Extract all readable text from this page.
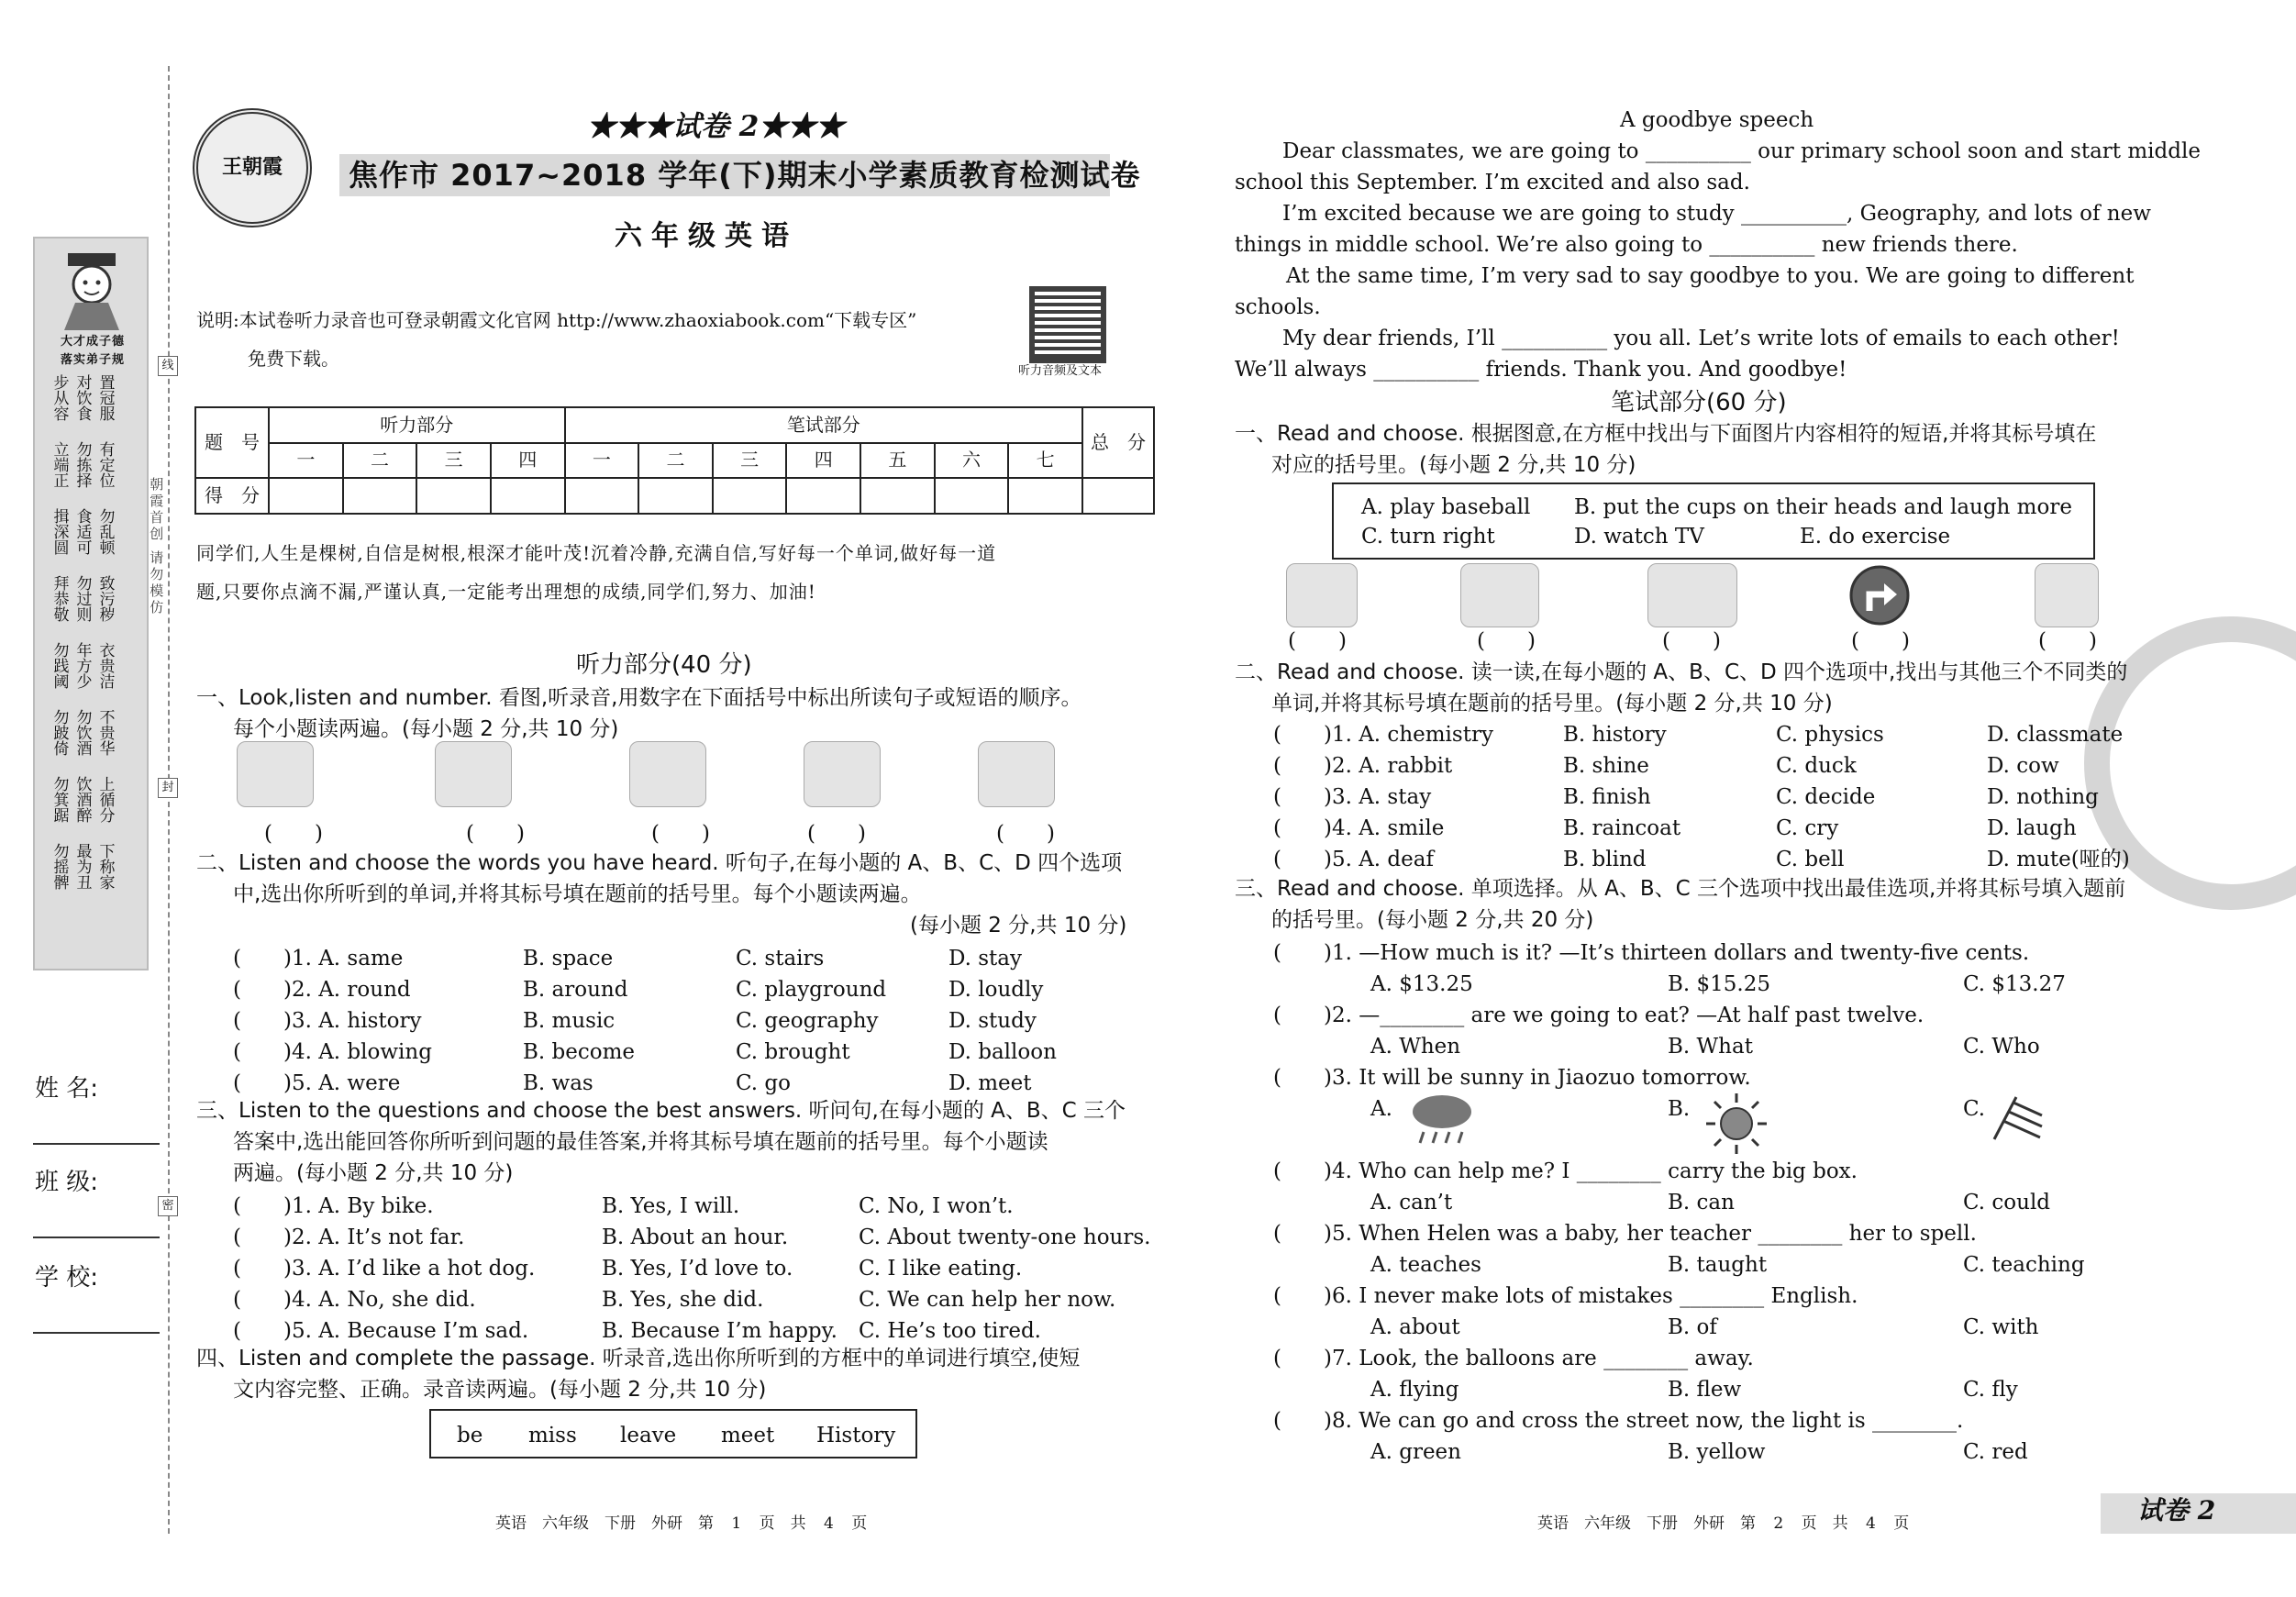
大才成子德
落实弟子规
步从容 对饮食 置冠服
立端正 勿拣择 有定位
揖深圆 食适可 勿乱顿
拜恭敬 勿过则 致污秽
勿践阈 年方少 衣贵洁
勿跛倚 勿饮酒 不贵华
勿箕踞 饮酒醉 上循分
勿摇髀 最为丑 下称家
朝霞首创 请勿模仿
线
封
密
姓 名:
班 级:
学 校:
王朝霞
★★★试卷 2★★★
焦作市 2017~2018 学年(下)期末小学素质教育检测试卷
六年级英语
说明:本试卷听力录音也可登录朝霞文化官网 http://www.zhaoxiabook.com“下载专区”
免费下载。
听力音频及文本
题　号	听力部分				笔试部分							总　分
	一	二	三	四	一	二	三	四	五	六	七	
得　分												
同学们,人生是棵树,自信是树根,根深才能叶茂!沉着冷静,充满自信,写好每一个单词,做好每一道
题,只要你点滴不漏,严谨认真,一定能考出理想的成绩,同学们,努力、加油!
听力部分(40 分)
一、Look,listen and number. 看图,听录音,用数字在下面括号中标出所读句子或短语的顺序。
每个小题读两遍。(每小题 2 分,共 10 分)
(　　)	(　　)	(　　)	(　　)	(　　)
二、Listen and choose the words you have heard. 听句子,在每小题的 A、B、C、D 四个选项
中,选出你所听到的单词,并将其标号填在题前的括号里。每个小题读两遍。
(每小题 2 分,共 10 分)
(　　)1. A. same	B. space	C. stairs	D. stay
(　　)2. A. round	B. around	C. playground	D. loudly
(　　)3. A. history	B. music	C. geography	D. study
(　　)4. A. blowing	B. become	C. brought	D. balloon
(　　)5. A. were	B. was	C. go	D. meet
三、Listen to the questions and choose the best answers. 听问句,在每小题的 A、B、C 三个
答案中,选出能回答你所听到问题的最佳答案,并将其标号填在题前的括号里。每个小题读
两遍。(每小题 2 分,共 10 分)
(　　)1. A. By bike.	B. Yes, I will.	C. No, I won’t.
(　　)2. A. It’s not far.	B. About an hour.	C. About twenty-one hours.
(　　)3. A. I’d like a hot dog.	B. Yes, I’d love to.	C. I like eating.
(　　)4. A. No, she did.	B. Yes, she did.	C. We can help her now.
(　　)5. A. Because I’m sad.	B. Because I’m happy. C. He’s too tired.
四、Listen and complete the passage. 听录音,选出你所听到的方框中的单词进行填空,使短
文内容完整、正确。录音读两遍。(每小题 2 分,共 10 分)
be miss leave meet History
英语　六年级　下册　外研　第 1 页　共 4 页
A goodbye speech
Dear classmates, we are going to __________ our primary school soon and start middle
school this September. I’m excited and also sad.
I’m excited because we are going to study __________, Geography, and lots of new
things in middle school. We’re also going to __________ new friends there.
At the same time, I’m very sad to say goodbye to you. We are going to different
schools.
My dear friends, I’ll __________ you all. Let’s write lots of emails to each other!
We’ll always __________ friends. Thank you. And goodbye!
笔试部分(60 分)
一、Read and choose. 根据图意,在方框中找出与下面图片内容相符的短语,并将其标号填在
对应的括号里。(每小题 2 分,共 10 分)
A. play baseball B. put the cups on their heads and laugh more
C. turn right	D. watch TV	E. do exercise
(　　)	(　　)	(　　)	(　　)	(　　)
二、Read and choose. 读一读,在每小题的 A、B、C、D 四个选项中,找出与其他三个不同类的
单词,并将其标号填在题前的括号里。(每小题 2 分,共 10 分)
(　　)1. A. chemistry	B. history	C. physics	D. classmate
(　　)2. A. rabbit	B. shine	C. duck	D. cow
(　　)3. A. stay	B. finish	C. decide	D. nothing
(　　)4. A. smile	B. raincoat	C. cry	D. laugh
(　　)5. A. deaf	B. blind	C. bell	D. mute(哑的)
三、Read and choose. 单项选择。从 A、B、C 三个选项中找出最佳选项,并将其标号填入题前
的括号里。(每小题 2 分,共 20 分)
(　　)1. —How much is it? —It’s thirteen dollars and twenty-five cents.
A. $13.25	B. $15.25	C. $13.27
(　　)2. —________ are we going to eat? —At half past twelve.
A. When	B. What	C. Who
(　　)3. It will be sunny in Jiaozuo tomorrow.
A.	B.	C.
(　　)4. Who can help me? I ________ carry the big box.
A. can’t	B. can	C. could
(　　)5. When Helen was a baby, her teacher ________ her to spell.
A. teaches	B. taught	C. teaching
(　　)6. I never make lots of mistakes ________ English.
A. about	B. of	C. with
(　　)7. Look, the balloons are ________ away.
A. flying	B. flew	C. fly
(　　)8. We can go and cross the street now, the light is ________.
A. green	B. yellow	C. red
英语　六年级　下册　外研　第 2 页　共 4 页	试卷 2
